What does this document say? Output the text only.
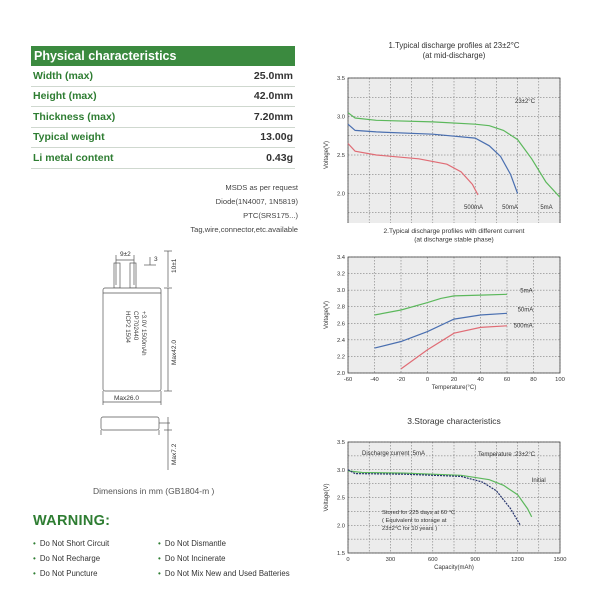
Physical characteristics
Width (max)	25.0mm
Height (max)	42.0mm
Thickness (max)	7.20mm
Typical weight	13.00g
Li metal content	0.43g
MSDS as per request
Diode(1N4007, 1N5819)
PTC(SRS175...)
Tag,wire,connector,etc.available
9±2
3 10±1
Max42.0
Max26.0
Max7.2
HCP2 1504 CP702440 +3.0V 1500mAh
Dimensions in mm (GB1804-m )
WARNING:
• Do Not Short Circuit
• Do Not Recharge
• Do Not Puncture
• Do Not Dismantle
• Do Not Incinerate
• Do Not Mix New and Used Batteries
1.Typical discharge profiles at 23±2°C
(at mid-discharge)
2.0
2.5
3.0
3.5
Voltage(V)
23±2°C
500mA	50mA	5mA
2.Typical discharge profiles with different current
(at discharge stable phase)
-60	-40	-20	0	20	40	60	80	100
2.0
2.2
2.4
2.6
2.8
3.0
3.2
3.4
Temperature(°C)
Voltage(V)
5mA
50mA
500mA
3.Storage characteristics
0	300	600	900	1200	1500
1.5
2.0
2.5
3.0
3.5
Capacity(mAh)
Voltage(V)
Discharge current :5mA	Temperature :23±2°C
Initial
Stored for 225 days at 60 °C
( Equivalent to storage at
23±2°C for 10 years )
